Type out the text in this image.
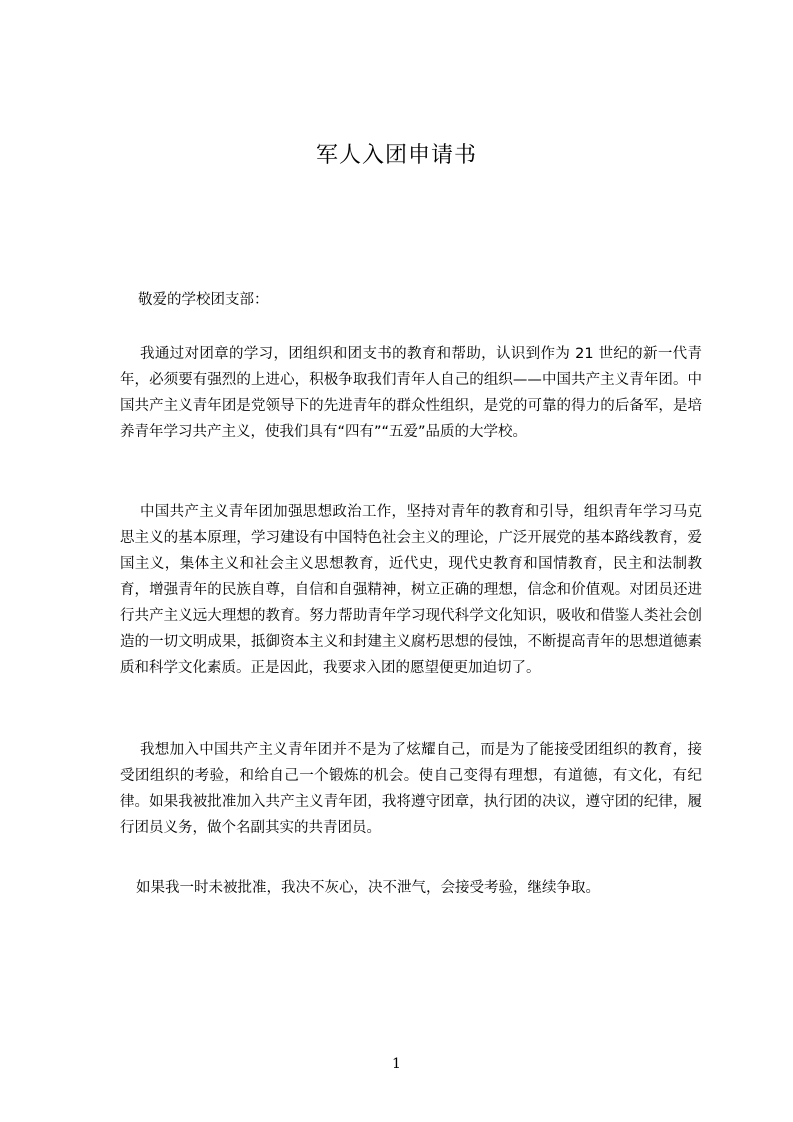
军人入团申请书

敬爱的学校团支部：

我通过对团章的学习，团组织和团支书的教育和帮助，认识到作为 21 世纪的新一代青年，必须要有强烈的上进心，积极争取我们青年人自己的组织——中国共产主义青年团。中国共产主义青年团是党领导下的先进青年的群众性组织，是党的可靠的得力的后备军，是培养青年学习共产主义，使我们具有“四有”“五爱”品质的大学校。

中国共产主义青年团加强思想政治工作，坚持对青年的教育和引导，组织青年学习马克思主义的基本原理，学习建设有中国特色社会主义的理论，广泛开展党的基本路线教育，爱国主义，集体主义和社会主义思想教育，近代史，现代史教育和国情教育，民主和法制教育，增强青年的民族自尊，自信和自强精神，树立正确的理想，信念和价值观。对团员还进行共产主义远大理想的教育。努力帮助青年学习现代科学文化知识，吸收和借鉴人类社会创造的一切文明成果，抵御资本主义和封建主义腐朽思想的侵蚀，不断提高青年的思想道德素质和科学文化素质。正是因此，我要求入团的愿望便更加迫切了。

我想加入中国共产主义青年团并不是为了炫耀自己，而是为了能接受团组织的教育，接受团组织的考验，和给自己一个锻炼的机会。使自己变得有理想，有道德，有文化，有纪律。如果我被批准加入共产主义青年团，我将遵守团章，执行团的决议，遵守团的纪律，履行团员义务，做个名副其实的共青团员。

如果我一时未被批准，我决不灰心，决不泄气，会接受考验，继续争取。

1
